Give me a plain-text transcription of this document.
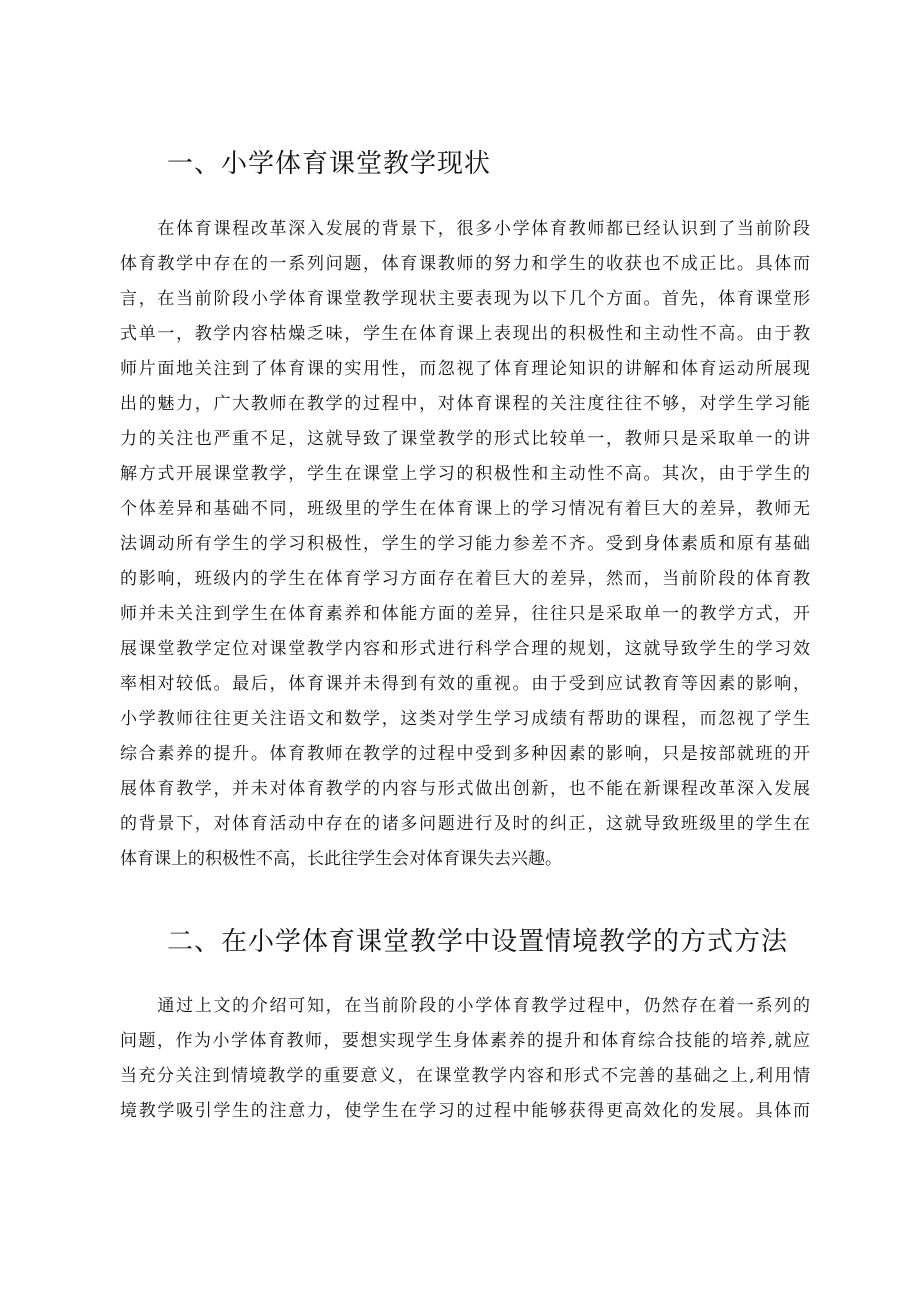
一、小学体育课堂教学现状
　　在体育课程改革深入发展的背景下，很多小学体育教师都已经认识到了当前阶段
体育教学中存在的一系列问题，体育课教师的努力和学生的收获也不成正比。具体而
言，在当前阶段小学体育课堂教学现状主要表现为以下几个方面。首先，体育课堂形
式单一，教学内容枯燥乏味，学生在体育课上表现出的积极性和主动性不高。由于教
师片面地关注到了体育课的实用性，而忽视了体育理论知识的讲解和体育运动所展现
出的魅力，广大教师在教学的过程中，对体育课程的关注度往往不够，对学生学习能
力的关注也严重不足，这就导致了课堂教学的形式比较单一，教师只是采取单一的讲
解方式开展课堂教学，学生在课堂上学习的积极性和主动性不高。其次，由于学生的
个体差异和基础不同，班级里的学生在体育课上的学习情况有着巨大的差异，教师无
法调动所有学生的学习积极性，学生的学习能力参差不齐。受到身体素质和原有基础
的影响，班级内的学生在体育学习方面存在着巨大的差异，然而，当前阶段的体育教
师并未关注到学生在体育素养和体能方面的差异，往往只是采取单一的教学方式，开
展课堂教学定位对课堂教学内容和形式进行科学合理的规划，这就导致学生的学习效
率相对较低。最后，体育课并未得到有效的重视。由于受到应试教育等因素的影响，
小学教师往往更关注语文和数学，这类对学生学习成绩有帮助的课程，而忽视了学生
综合素养的提升。体育教师在教学的过程中受到多种因素的影响，只是按部就班的开
展体育教学，并未对体育教学的内容与形式做出创新，也不能在新课程改革深入发展
的背景下，对体育活动中存在的诸多问题进行及时的纠正，这就导致班级里的学生在
体育课上的积极性不高，长此往学生会对体育课失去兴趣。
二、在小学体育课堂教学中设置情境教学的方式方法
　　通过上文的介绍可知，在当前阶段的小学体育教学过程中，仍然存在着一系列的
问题，作为小学体育教师，要想实现学生身体素养的提升和体育综合技能的培养,就应
当充分关注到情境教学的重要意义，在课堂教学内容和形式不完善的基础之上,利用情
境教学吸引学生的注意力，使学生在学习的过程中能够获得更高效化的发展。具体而
